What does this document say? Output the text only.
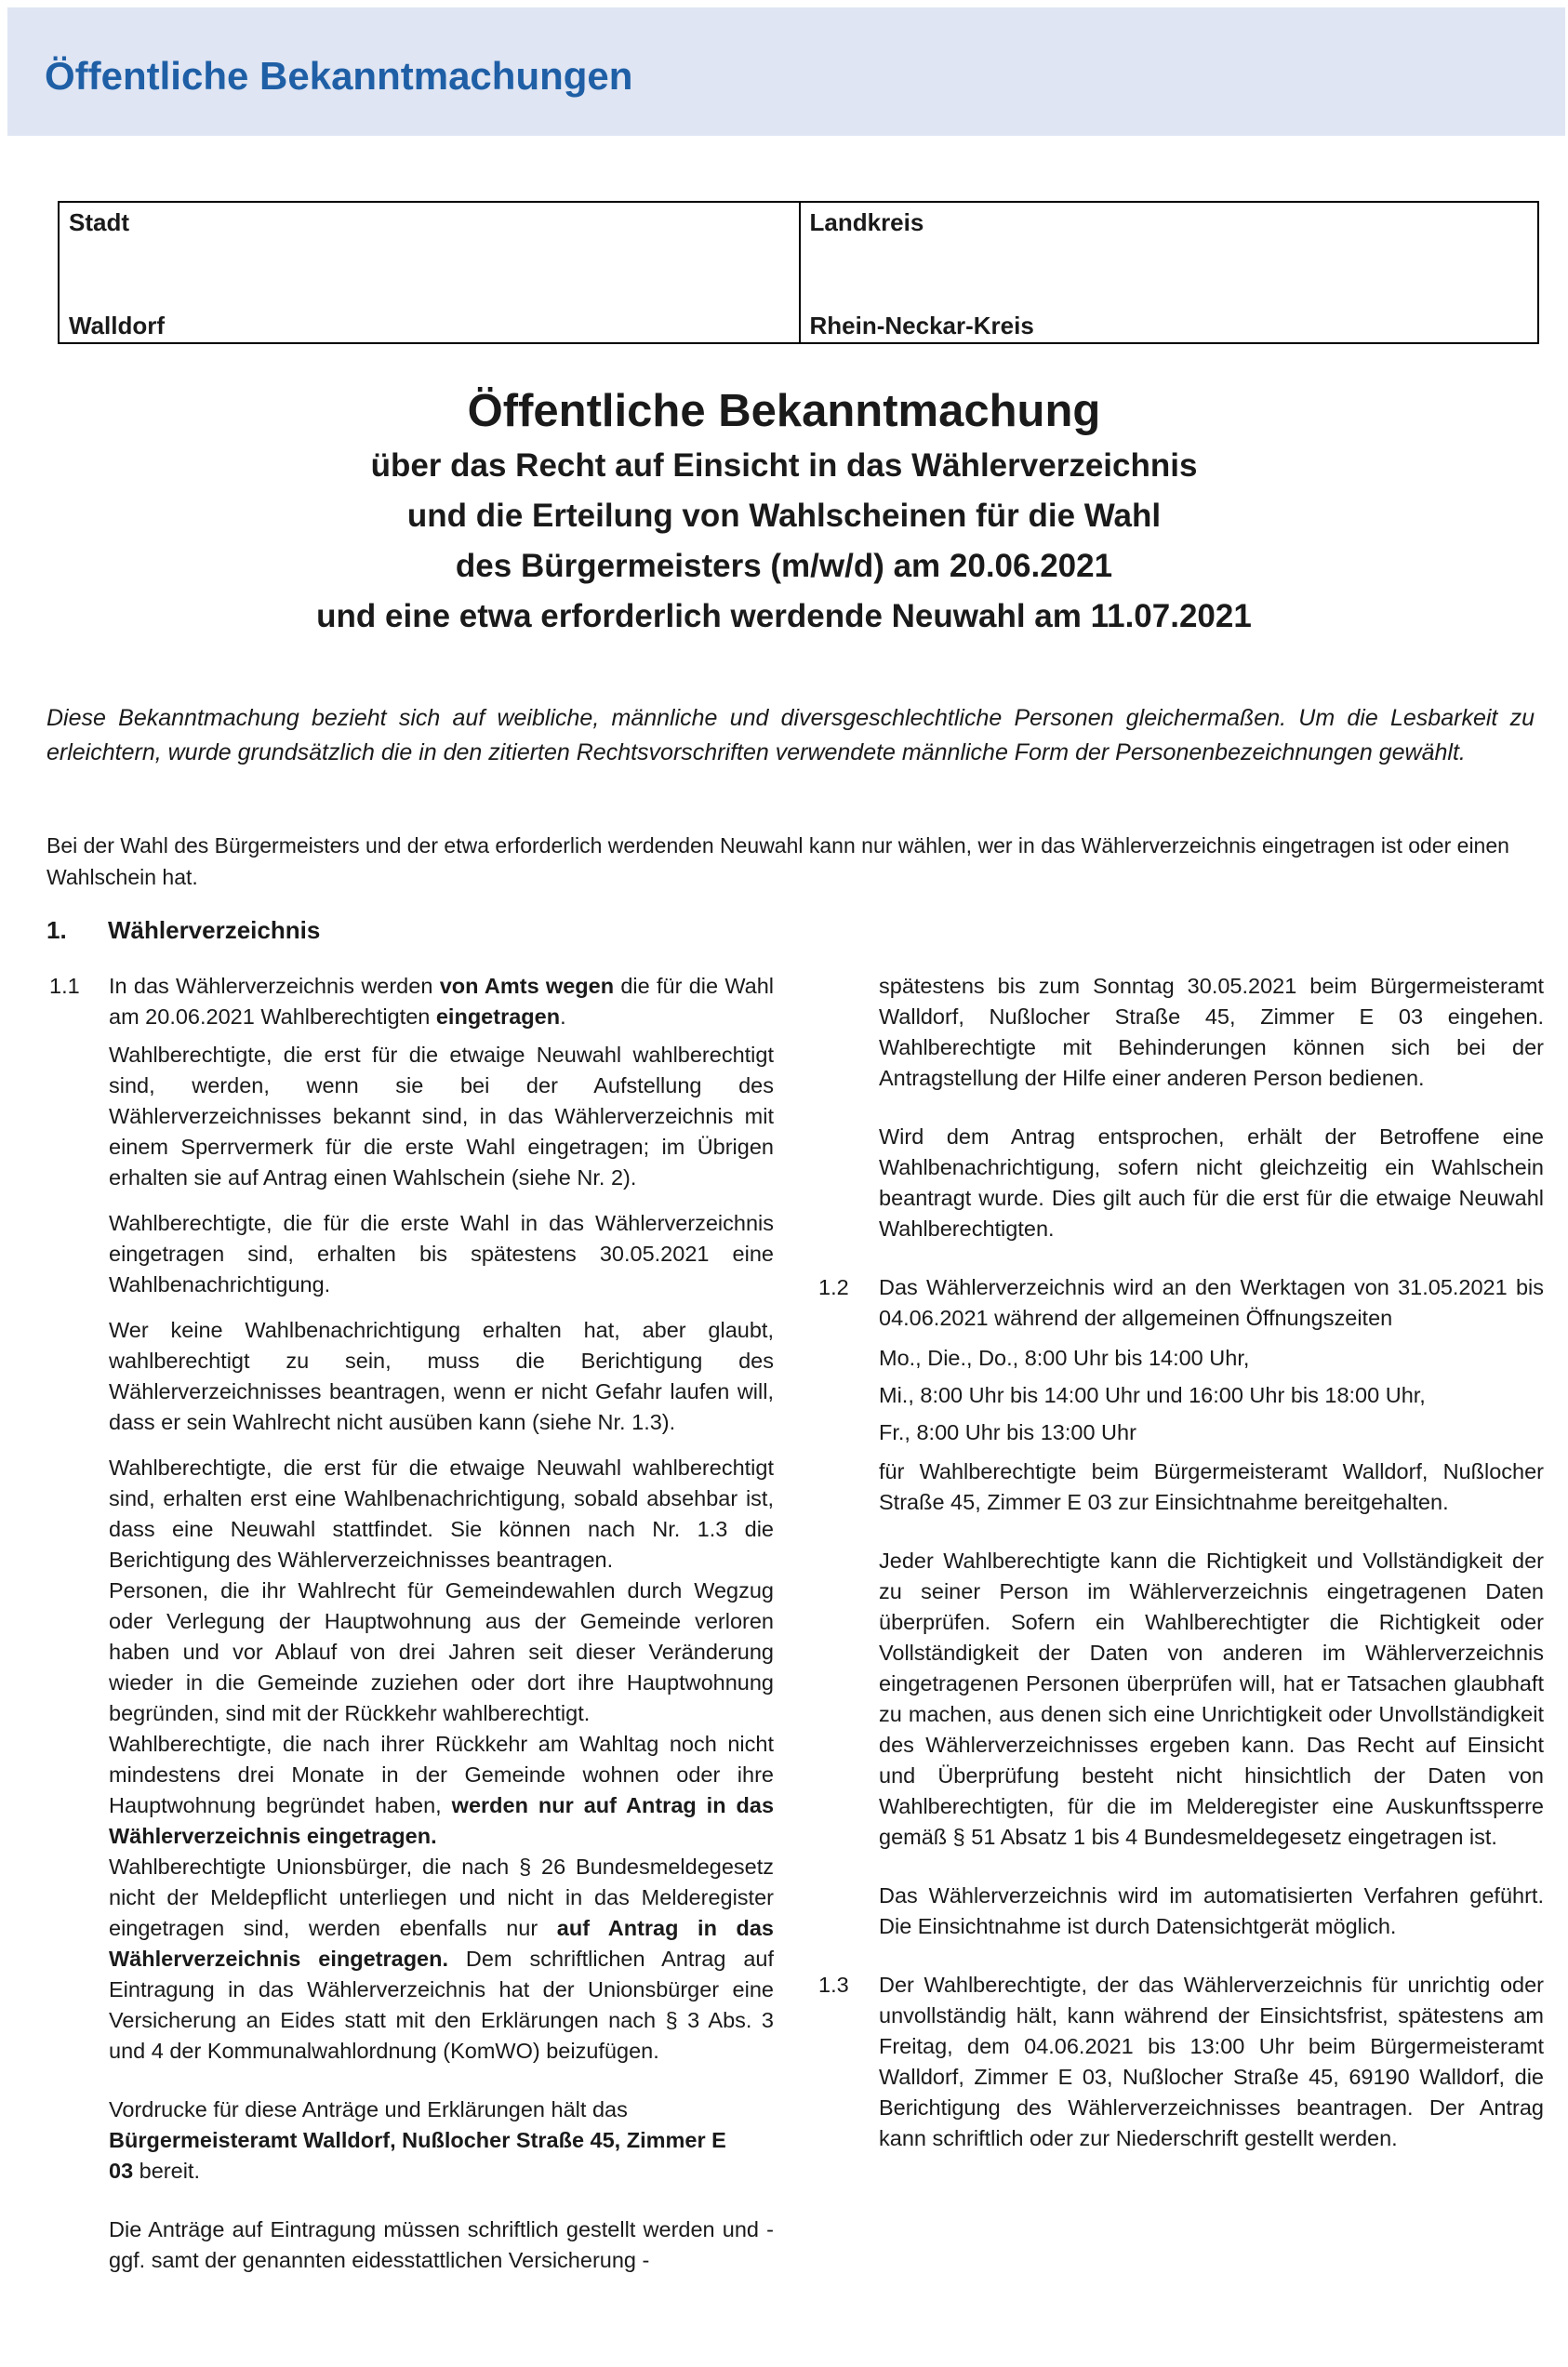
Öffentliche Bekanntmachungen
Stadt
Walldorf
Landkreis
Rhein-Neckar-Kreis

Öffentliche Bekanntmachung

über das Recht auf Einsicht in das Wählerverzeichnis

und die Erteilung von Wahlscheinen für die Wahl

des Bürgermeisters (m/w/d) am 20.06.2021

und eine etwa erforderlich werdende Neuwahl am 11.07.2021

Diese Bekanntmachung bezieht sich auf weibliche, männliche und diversgeschlechtliche Personen gleichermaßen. Um die Lesbarkeit zu erleichtern, wurde grundsätzlich die in den zitierten Rechtsvorschriften verwendete männliche Form der Personenbezeichnungen gewählt.

Bei der Wahl des Bürgermeisters und der etwa erforderlich werdenden Neuwahl kann nur wählen, wer in das Wählerverzeichnis eingetragen ist oder einen Wahlschein hat.

1. Wählerverzeichnis

1.1 In das Wählerverzeichnis werden von Amts wegen die für die Wahl am 20.06.2021 Wahlberechtigten eingetragen.

Wahlberechtigte, die erst für die etwaige Neuwahl wahlberechtigt sind, werden, wenn sie bei der Aufstellung des Wählerverzeichnisses bekannt sind, in das Wählerverzeichnis mit einem Sperrvermerk für die erste Wahl eingetragen; im Übrigen erhalten sie auf Antrag einen Wahlschein (siehe Nr. 2).

Wahlberechtigte, die für die erste Wahl in das Wählerverzeichnis eingetragen sind, erhalten bis spätestens 30.05.2021 eine Wahlbenachrichtigung.

Wer keine Wahlbenachrichtigung erhalten hat, aber glaubt, wahlberechtigt zu sein, muss die Berichtigung des Wählerverzeichnisses beantragen, wenn er nicht Gefahr laufen will, dass er sein Wahlrecht nicht ausüben kann (siehe Nr. 1.3).

Wahlberechtigte, die erst für die etwaige Neuwahl wahlberechtigt sind, erhalten erst eine Wahlbenachrichtigung, sobald absehbar ist, dass eine Neuwahl stattfindet. Sie können nach Nr. 1.3 die Berichtigung des Wählerverzeichnisses beantragen.

Personen, die ihr Wahlrecht für Gemeindewahlen durch Wegzug oder Verlegung der Hauptwohnung aus der Gemeinde verloren haben und vor Ablauf von drei Jahren seit dieser Veränderung wieder in die Gemeinde zuziehen oder dort ihre Hauptwohnung begründen, sind mit der Rückkehr wahlberechtigt.

Wahlberechtigte, die nach ihrer Rückkehr am Wahltag noch nicht mindestens drei Monate in der Gemeinde wohnen oder ihre Hauptwohnung begründet haben, werden nur auf Antrag in das Wählerverzeichnis eingetragen.

Wahlberechtigte Unionsbürger, die nach § 26 Bundesmeldegesetz nicht der Meldepflicht unterliegen und nicht in das Melderegister eingetragen sind, werden ebenfalls nur auf Antrag in das Wählerverzeichnis eingetragen. Dem schriftlichen Antrag auf Eintragung in das Wählerverzeichnis hat der Unionsbürger eine Versicherung an Eides statt mit den Erklärungen nach § 3 Abs. 3 und 4 der Kommunalwahlordnung (KomWO) beizufügen.

Vordrucke für diese Anträge und Erklärungen hält das Bürgermeisteramt Walldorf, Nußlocher Straße 45, Zimmer E 03 bereit.

Die Anträge auf Eintragung müssen schriftlich gestellt werden und - ggf. samt der genannten eidesstattlichen Versicherung -

spätestens bis zum Sonntag 30.05.2021 beim Bürgermeisteramt Walldorf, Nußlocher Straße 45, Zimmer E 03 eingehen. Wahlberechtigte mit Behinderungen können sich bei der Antragstellung der Hilfe einer anderen Person bedienen.

Wird dem Antrag entsprochen, erhält der Betroffene eine Wahlbenachrichtigung, sofern nicht gleichzeitig ein Wahlschein beantragt wurde. Dies gilt auch für die erst für die etwaige Neuwahl Wahlberechtigten.

1.2 Das Wählerverzeichnis wird an den Werktagen von 31.05.2021 bis 04.06.2021 während der allgemeinen Öffnungszeiten

Mo., Die., Do., 8:00 Uhr bis 14:00 Uhr,

Mi., 8:00 Uhr bis 14:00 Uhr und 16:00 Uhr bis 18:00 Uhr,

Fr., 8:00 Uhr bis 13:00 Uhr

für Wahlberechtigte beim Bürgermeisteramt Walldorf, Nußlocher Straße 45, Zimmer E 03 zur Einsichtnahme bereitgehalten.

Jeder Wahlberechtigte kann die Richtigkeit und Vollständigkeit der zu seiner Person im Wählerverzeichnis eingetragenen Daten überprüfen. Sofern ein Wahlberechtigter die Richtigkeit oder Vollständigkeit der Daten von anderen im Wählerverzeichnis eingetragenen Personen überprüfen will, hat er Tatsachen glaubhaft zu machen, aus denen sich eine Unrichtigkeit oder Unvollständigkeit des Wählerverzeichnisses ergeben kann. Das Recht auf Einsicht und Überprüfung besteht nicht hinsichtlich der Daten von Wahlberechtigten, für die im Melderegister eine Auskunftssperre gemäß § 51 Absatz 1 bis 4 Bundesmeldegesetz eingetragen ist.

Das Wählerverzeichnis wird im automatisierten Verfahren geführt. Die Einsichtnahme ist durch Datensichtgerät möglich.

1.3 Der Wahlberechtigte, der das Wählerverzeichnis für unrichtig oder unvollständig hält, kann während der Einsichtsfrist, spätestens am Freitag, dem 04.06.2021 bis 13:00 Uhr beim Bürgermeisteramt Walldorf, Zimmer E 03, Nußlocher Straße 45, 69190 Walldorf, die Berichtigung des Wählerverzeichnisses beantragen. Der Antrag kann schriftlich oder zur Niederschrift gestellt werden.
